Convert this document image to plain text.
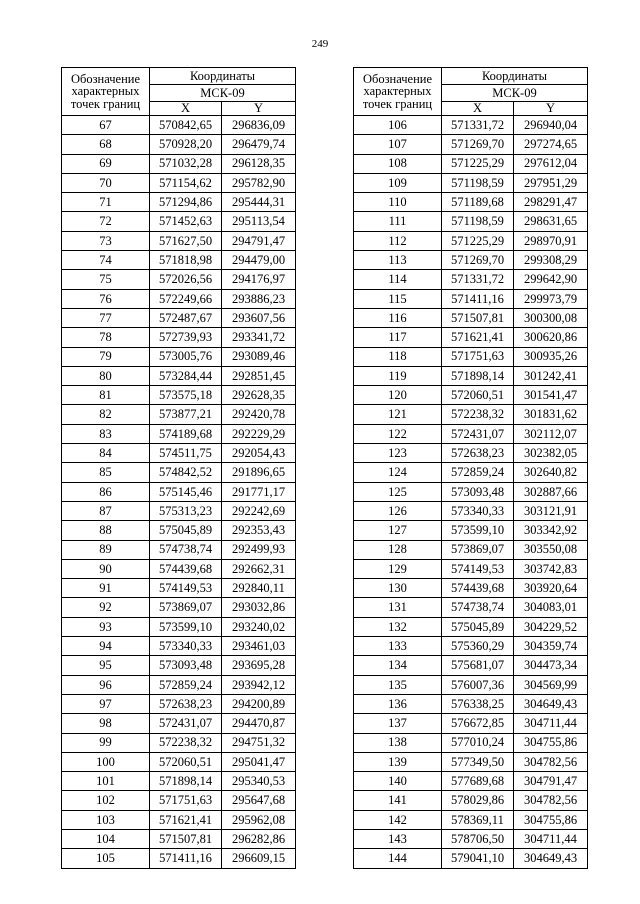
249
Обозначение
характерных
точек границ	Координаты	
	МСК-09	
	X	Y
67	570842,65	296836,09
68	570928,20	296479,74
69	571032,28	296128,35
70	571154,62	295782,90
71	571294,86	295444,31
72	571452,63	295113,54
73	571627,50	294791,47
74	571818,98	294479,00
75	572026,56	294176,97
76	572249,66	293886,23
77	572487,67	293607,56
78	572739,93	293341,72
79	573005,76	293089,46
80	573284,44	292851,45
81	573575,18	292628,35
82	573877,21	292420,78
83	574189,68	292229,29
84	574511,75	292054,43
85	574842,52	291896,65
86	575145,46	291771,17
87	575313,23	292242,69
88	575045,89	292353,43
89	574738,74	292499,93
90	574439,68	292662,31
91	574149,53	292840,11
92	573869,07	293032,86
93	573599,10	293240,02
94	573340,33	293461,03
95	573093,48	293695,28
96	572859,24	293942,12
97	572638,23	294200,89
98	572431,07	294470,87
99	572238,32	294751,32
100	572060,51	295041,47
101	571898,14	295340,53
102	571751,63	295647,68
103	571621,41	295962,08
104	571507,81	296282,86
105	571411,16	296609,15
Обозначение
характерных
точек границ	Координаты	
	МСК-09	
	X	Y
106	571331,72	296940,04
107	571269,70	297274,65
108	571225,29	297612,04
109	571198,59	297951,29
110	571189,68	298291,47
111	571198,59	298631,65
112	571225,29	298970,91
113	571269,70	299308,29
114	571331,72	299642,90
115	571411,16	299973,79
116	571507,81	300300,08
117	571621,41	300620,86
118	571751,63	300935,26
119	571898,14	301242,41
120	572060,51	301541,47
121	572238,32	301831,62
122	572431,07	302112,07
123	572638,23	302382,05
124	572859,24	302640,82
125	573093,48	302887,66
126	573340,33	303121,91
127	573599,10	303342,92
128	573869,07	303550,08
129	574149,53	303742,83
130	574439,68	303920,64
131	574738,74	304083,01
132	575045,89	304229,52
133	575360,29	304359,74
134	575681,07	304473,34
135	576007,36	304569,99
136	576338,25	304649,43
137	576672,85	304711,44
138	577010,24	304755,86
139	577349,50	304782,56
140	577689,68	304791,47
141	578029,86	304782,56
142	578369,11	304755,86
143	578706,50	304711,44
144	579041,10	304649,43
